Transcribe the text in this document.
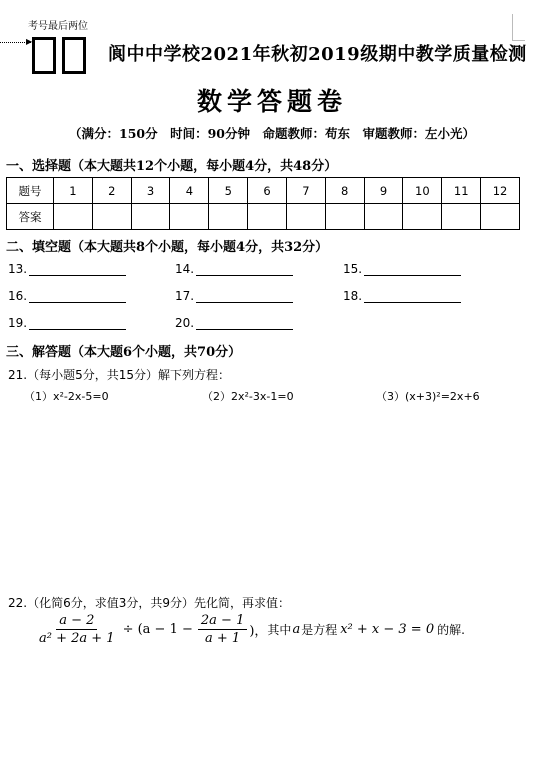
考号最后两位
▶
阆中中学校2021年秋初2019级期中教学质量检测
数学答题卷
（满分：150分　时间：90分钟　命题教师：苟东　审题教师：左小光）
一、选择题（本大题共12个小题，每小题4分，共48分）
题号	1	2	3	4	5	6	7	8	9	10	11	12
答案												
二、填空题（本大题共8个小题，每小题4分，共32分）
13.	14.	15.
16.	17.	18.
19.	20.
三、解答题（本大题6个小题，共70分）
21.（每小题5分，共15分）解下列方程：
（1）x²-2x-5=0	（2）2x²-3x-1=0	（3）(x+3)²=2x+6
22.（化简6分，求值3分，共9分）先化简，再求值：
$\frac{a - 2}{\text{a² + 2a + 1}} \div (a - 1 - \frac{2a - 1}{a + 1}$ )， 其中 a 是方程 x² + x − 3 = 0 的解.
